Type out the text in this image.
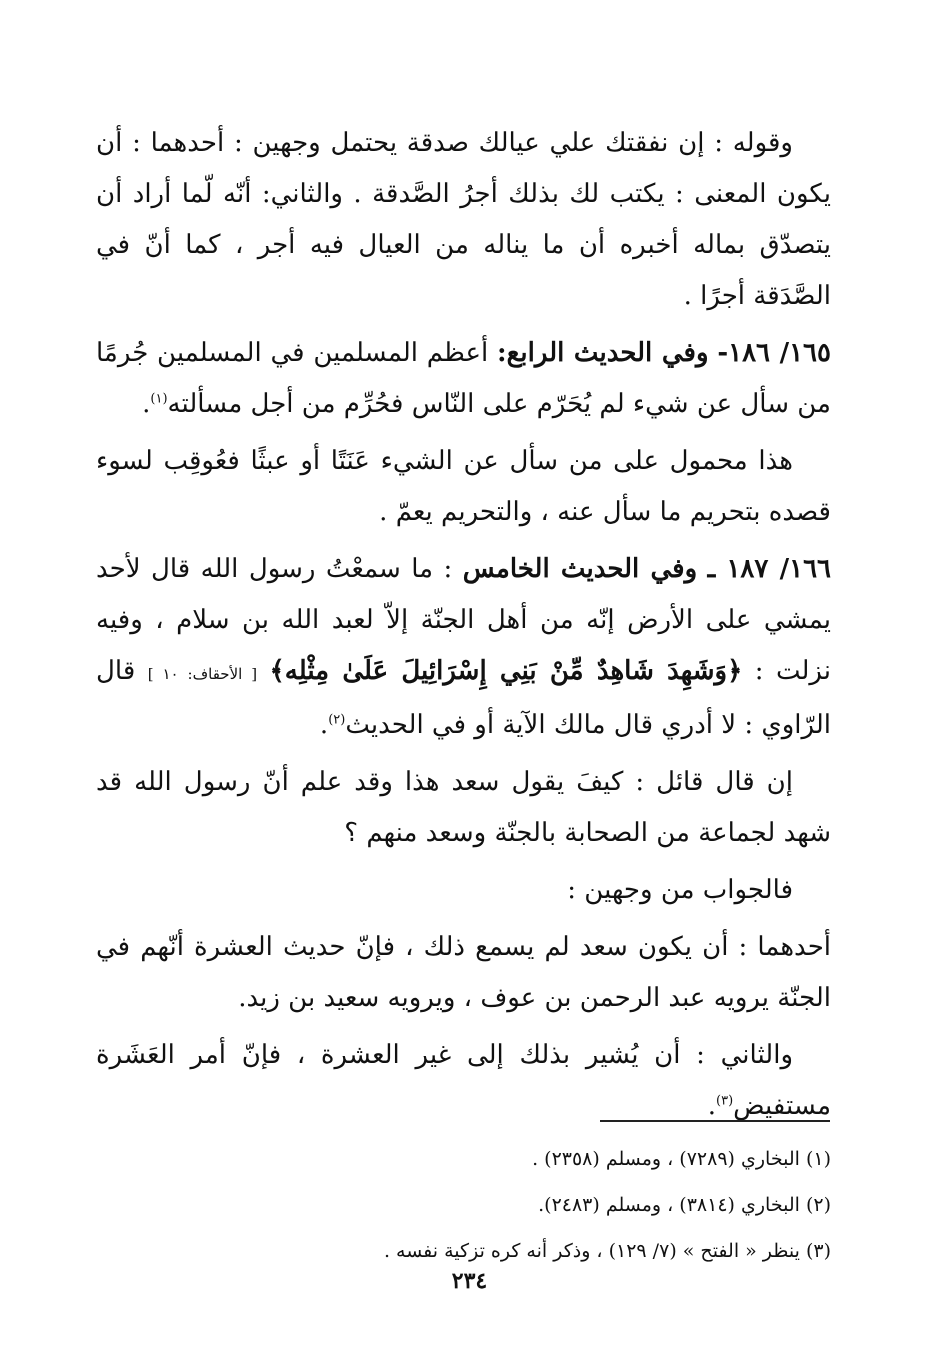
وقوله : إن نفقتك علي عيالك صدقة يحتمل وجهين : أحدهما : أن يكون المعنى : يكتب لك بذلك أجرُ الصَّدقة . والثاني: أنّه لّما أراد أن يتصدّق بماله أخبره أن ما يناله من العيال فيه أجر ، كما أنّ في الصَّدَقة أجرًا .

١٦٥/ ١٨٦- وفي الحديث الرابع: أعظم المسلمين في المسلمين جُرمًا من سأل عن شيء لم يُحَرّم على النّاس فحُرِّم من أجل مسألته$^{(١)}$.

هذا محمول على من سأل عن الشيء عَنَتًا أو عبثًا فعُوقِب لسوء قصده بتحريم ما سأل عنه ، والتحريم يعمّ .

١٦٦/ ١٨٧ ـ وفي الحديث الخامس : ما سمعْتُ رسول الله قال لأحد يمشي على الأرض إنّه من أهل الجنّة إلاّ لعبد الله بن سلام ، وفيه نزلت : ﴿وَشَهِدَ شَاهِدٌ مِّنْ بَنِي إِسْرَائِيلَ عَلَىٰ مِثْلِه﴾ [ الأحقاف: ١٠ ] قال الرّاوي : لا أدري قال مالك الآية أو في الحديث$^{(٢)}$.

إن قال قائل : كيفَ يقول سعد هذا وقد علم أنّ رسول الله قد شهد لجماعة من الصحابة بالجنّة وسعد منهم ؟

فالجواب من وجهين :

أحدهما : أن يكون سعد لم يسمع ذلك ، فإنّ حديث العشرة أنّهم في الجنّة يرويه عبد الرحمن بن عوف ، ويرويه سعيد بن زيد.

والثاني : أن يُشير بذلك إلى غير العشرة ، فإنّ أمر العَشَرة مستفيض$^{(٣)}$.

(١) البخاري (٧٢٨٩) ، ومسلم (٢٣٥٨) .

(٢) البخاري (٣٨١٤) ، ومسلم (٢٤٨٣).

(٣) ينظر « الفتح » (٧/ ١٢٩) ، وذكر أنه كره تزكية نفسه .

٢٣٤
